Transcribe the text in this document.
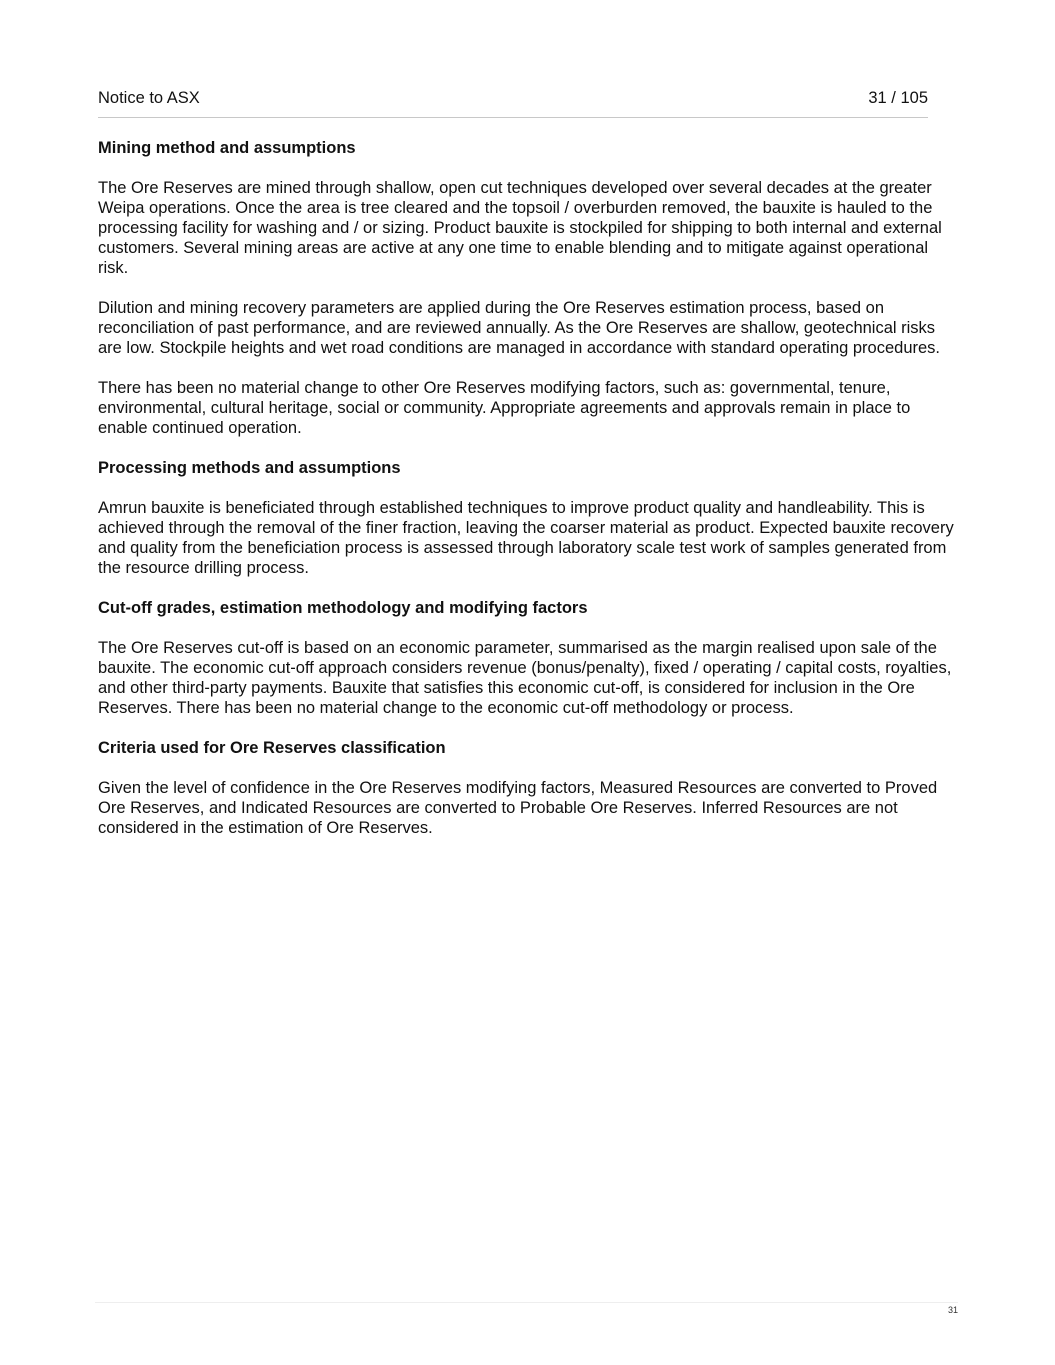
Notice to ASX	31 / 105
Mining method and assumptions

The Ore Reserves are mined through shallow, open cut techniques developed over several decades at the greater Weipa operations. Once the area is tree cleared and the topsoil / overburden removed, the bauxite is hauled to the processing facility for washing and / or sizing. Product bauxite is stockpiled for shipping to both internal and external customers. Several mining areas are active at any one time to enable blending and to mitigate against operational risk.

Dilution and mining recovery parameters are applied during the Ore Reserves estimation process, based on reconciliation of past performance, and are reviewed annually. As the Ore Reserves are shallow, geotechnical risks are low. Stockpile heights and wet road conditions are managed in accordance with standard operating procedures.

There has been no material change to other Ore Reserves modifying factors, such as: governmental, tenure, environmental, cultural heritage, social or community. Appropriate agreements and approvals remain in place to enable continued operation.

Processing methods and assumptions

Amrun bauxite is beneficiated through established techniques to improve product quality and handleability. This is achieved through the removal of the finer fraction, leaving the coarser material as product. Expected bauxite recovery and quality from the beneficiation process is assessed through laboratory scale test work of samples generated from the resource drilling process.

Cut-off grades, estimation methodology and modifying factors

The Ore Reserves cut-off is based on an economic parameter, summarised as the margin realised upon sale of the bauxite. The economic cut-off approach considers revenue (bonus/penalty), fixed / operating / capital costs, royalties, and other third-party payments. Bauxite that satisfies this economic cut-off, is considered for inclusion in the Ore Reserves. There has been no material change to the economic cut-off methodology or process.

Criteria used for Ore Reserves classification

Given the level of confidence in the Ore Reserves modifying factors, Measured Resources are converted to Proved Ore Reserves, and Indicated Resources are converted to Probable Ore Reserves. Inferred Resources are not considered in the estimation of Ore Reserves.

31
